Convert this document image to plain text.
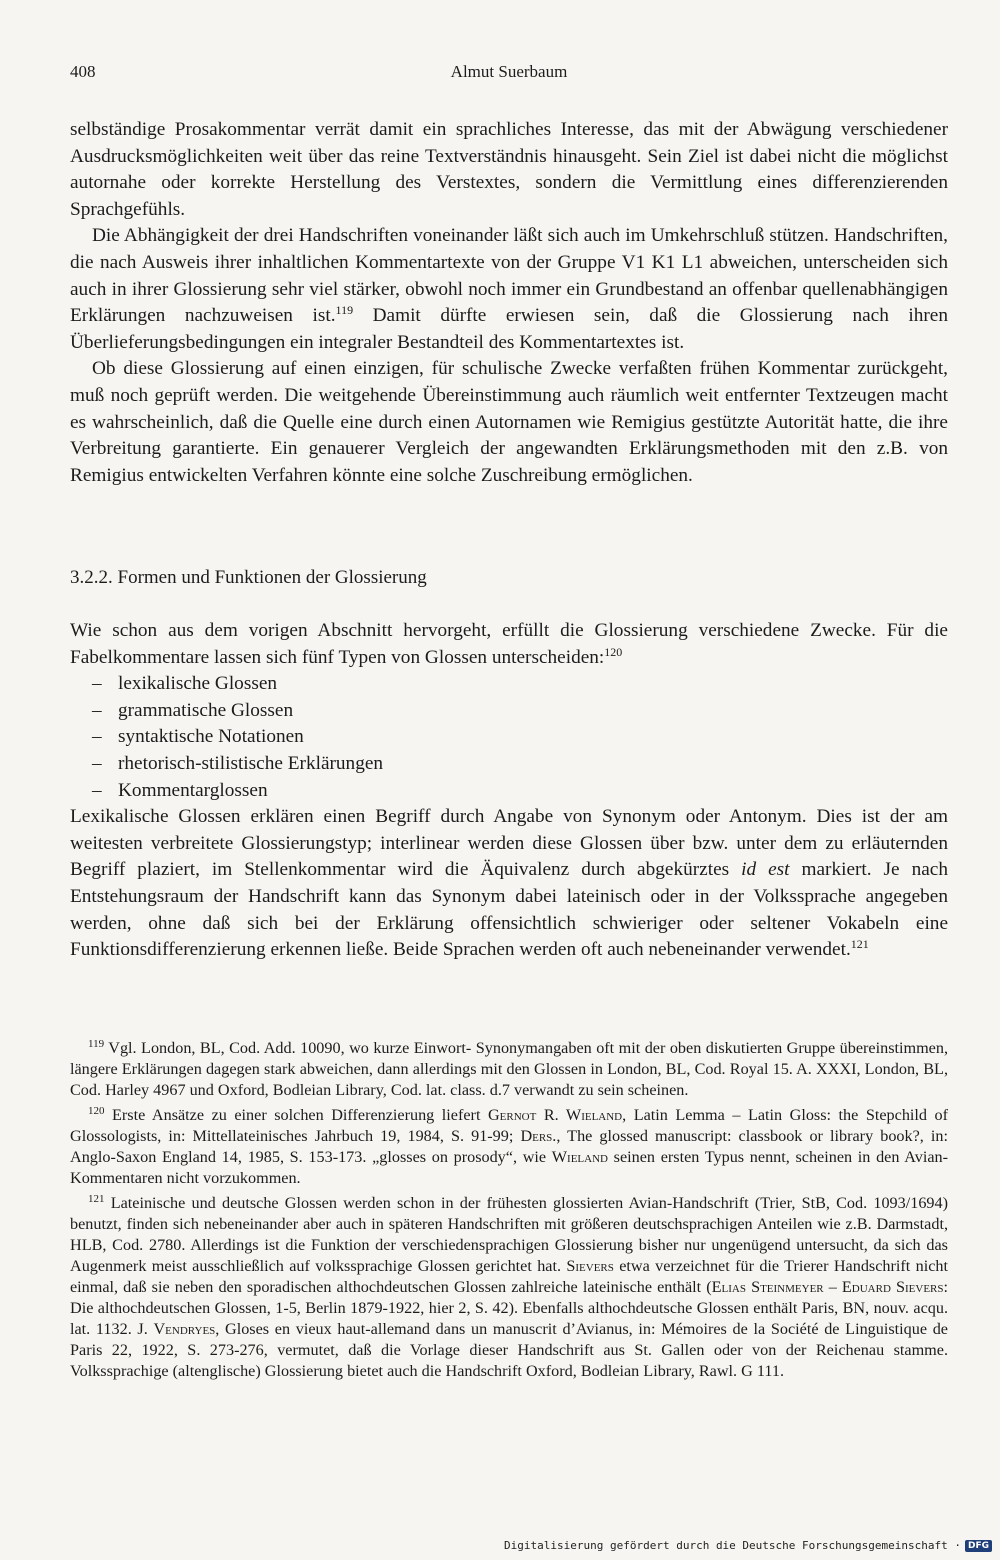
408	Almut Suerbaum

selbständige Prosakommentar verrät damit ein sprachliches Interesse, das mit der Abwägung verschiedener Ausdrucksmöglichkeiten weit über das reine Textverständnis hinausgeht. Sein Ziel ist dabei nicht die möglichst autornahe oder korrekte Herstellung des Verstextes, sondern die Vermittlung eines differenzierenden Sprachgefühls.

Die Abhängigkeit der drei Handschriften voneinander läßt sich auch im Umkehrschluß stützen. Handschriften, die nach Ausweis ihrer inhaltlichen Kommentartexte von der Gruppe V1 K1 L1 abweichen, unterscheiden sich auch in ihrer Glossierung sehr viel stärker, obwohl noch immer ein Grundbestand an offenbar quellenabhängigen Erklärungen nachzuweisen ist.$^{119}$ Damit dürfte erwiesen sein, daß die Glossierung nach ihren Überlieferungsbedingungen ein integraler Bestandteil des Kommentartextes ist.

Ob diese Glossierung auf einen einzigen, für schulische Zwecke verfaßten frühen Kommentar zurückgeht, muß noch geprüft werden. Die weitgehende Übereinstimmung auch räumlich weit entfernter Textzeugen macht es wahrscheinlich, daß die Quelle eine durch einen Autornamen wie Remigius gestützte Autorität hatte, die ihre Verbreitung garantierte. Ein genauerer Vergleich der angewandten Erklärungsmethoden mit den z.B. von Remigius entwickelten Verfahren könnte eine solche Zuschreibung ermöglichen.

3.2.2. Formen und Funktionen der Glossierung

Wie schon aus dem vorigen Abschnitt hervorgeht, erfüllt die Glossierung verschiedene Zwecke. Für die Fabelkommentare lassen sich fünf Typen von Glossen unterscheiden:$^{120}$

– lexikalische Glossen
– grammatische Glossen
– syntaktische Notationen
– rhetorisch-stilistische Erklärungen
– Kommentarglossen

Lexikalische Glossen erklären einen Begriff durch Angabe von Synonym oder Antonym. Dies ist der am weitesten verbreitete Glossierungstyp; interlinear werden diese Glossen über bzw. unter dem zu erläuternden Begriff plaziert, im Stellenkommentar wird die Äquivalenz durch abgekürztes id est markiert. Je nach Entstehungsraum der Handschrift kann das Synonym dabei lateinisch oder in der Volkssprache angegeben werden, ohne daß sich bei der Erklärung offensichtlich schwieriger oder seltener Vokabeln eine Funktionsdifferenzierung erkennen ließe. Beide Sprachen werden oft auch nebeneinander verwendet.$^{121}$

$^{119}$ Vgl. London, BL, Cod. Add. 10090, wo kurze Einwort- Synonymangaben oft mit der oben diskutierten Gruppe übereinstimmen, längere Erklärungen dagegen stark abweichen, dann allerdings mit den Glossen in London, BL, Cod. Royal 15. A. XXXI, London, BL, Cod. Harley 4967 und Oxford, Bodleian Library, Cod. lat. class. d.7 verwandt zu sein scheinen.

$^{120}$ Erste Ansätze zu einer solchen Differenzierung liefert Gernot R. Wieland, Latin Lemma – Latin Gloss: the Stepchild of Glossologists, in: Mittellateinisches Jahrbuch 19, 1984, S. 91-99; Ders., The glossed manuscript: classbook or library book?, in: Anglo-Saxon England 14, 1985, S. 153-173. „glosses on prosody“, wie Wieland seinen ersten Typus nennt, scheinen in den Avian-Kommentaren nicht vorzukommen.

$^{121}$ Lateinische und deutsche Glossen werden schon in der frühesten glossierten Avian-Handschrift (Trier, StB, Cod. 1093/1694) benutzt, finden sich nebeneinander aber auch in späteren Handschriften mit größeren deutschsprachigen Anteilen wie z.B. Darmstadt, HLB, Cod. 2780. Allerdings ist die Funktion der verschiedensprachigen Glossierung bisher nur ungenügend untersucht, da sich das Augenmerk meist ausschließlich auf volkssprachige Glossen gerichtet hat. Sievers etwa verzeichnet für die Trierer Handschrift nicht einmal, daß sie neben den sporadischen althochdeutschen Glossen zahlreiche lateinische enthält (Elias Steinmeyer – Eduard Sievers: Die althochdeutschen Glossen, 1-5, Berlin 1879-1922, hier 2, S. 42). Ebenfalls althochdeutsche Glossen enthält Paris, BN, nouv. acqu. lat. 1132. J. Vendryes, Gloses en vieux haut-allemand dans un manuscrit d’Avianus, in: Mémoires de la Société de Linguistique de Paris 22, 1922, S. 273-276, vermutet, daß die Vorlage dieser Handschrift aus St. Gallen oder von der Reichenau stamme. Volkssprachige (altenglische) Glossierung bietet auch die Handschrift Oxford, Bodleian Library, Rawl. G 111.

Digitalisierung gefördert durch die Deutsche Forschungsgemeinschaft · DFG
